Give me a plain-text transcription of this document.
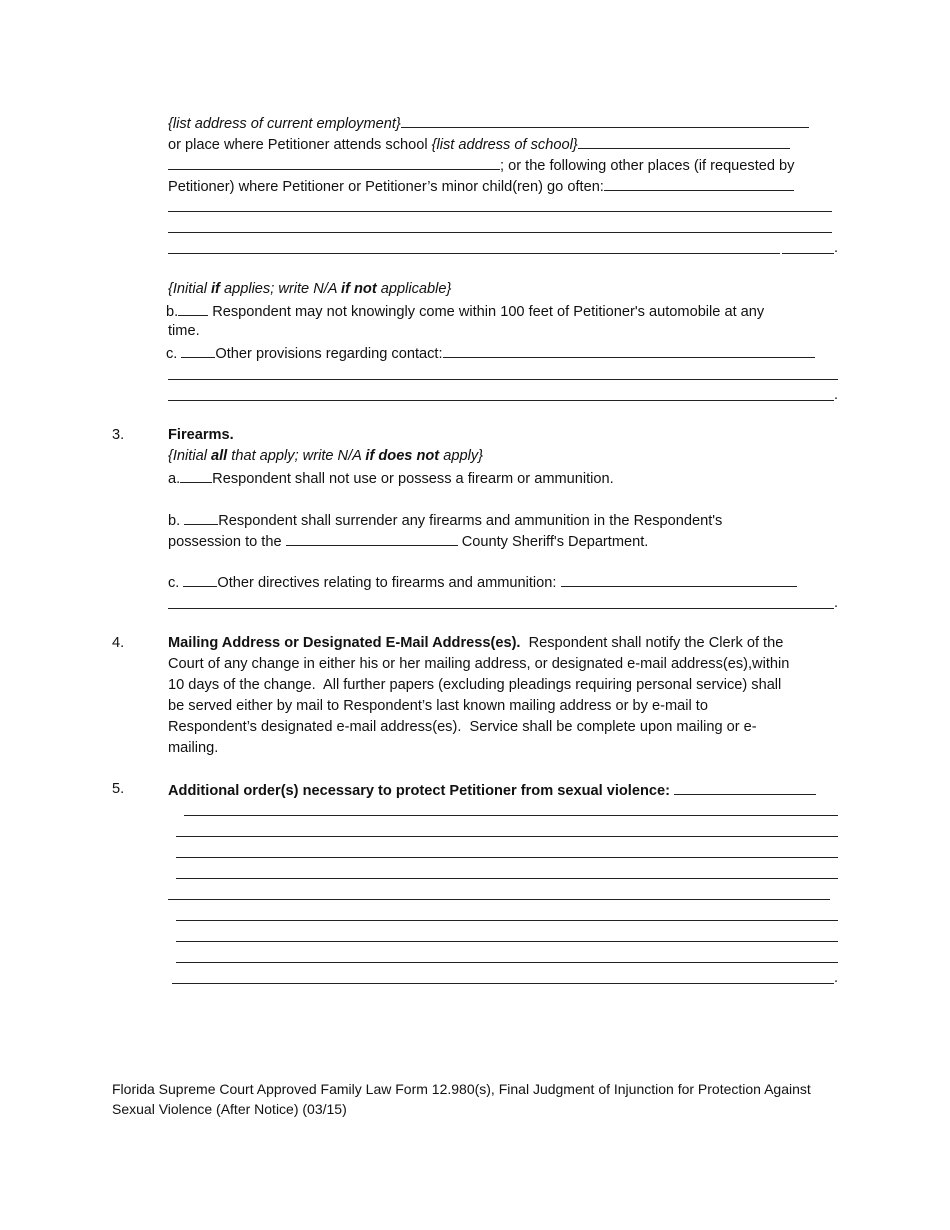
{list address of current employment}
or place where Petitioner attends school {list address of school}
; or the following other places (if requested by
Petitioner) where Petitioner or Petitioner’s minor child(ren) go often:
.
{Initial if applies; write N/A if not applicable}
b. Respondent may not knowingly come within 100 feet of Petitioner's automobile at any
time.
c. Other provisions regarding contact:
.
3.	Firearms.
{Initial all that apply; write N/A if does not apply}
a. Respondent shall not use or possess a firearm or ammunition.
b. Respondent shall surrender any firearms and ammunition in the Respondent's
possession to the	County Sheriff's Department.
c. Other directives relating to firearms and ammunition:
.
4.	Mailing Address or Designated E-Mail Address(es).  Respondent shall notify the Clerk of the
Court of any change in either his or her mailing address, or designated e-mail address(es),within
10 days of the change.  All further papers (excluding pleadings requiring personal service) shall
be served either by mail to Respondent’s last known mailing address or by e-mail to
Respondent’s designated e-mail address(es).  Service shall be complete upon mailing or e-
mailing.
5.	Additional order(s) necessary to protect Petitioner from sexual violence:
.
Florida Supreme Court Approved Family Law Form 12.980(s), Final Judgment of Injunction for Protection Against
Sexual Violence (After Notice) (03/15)
